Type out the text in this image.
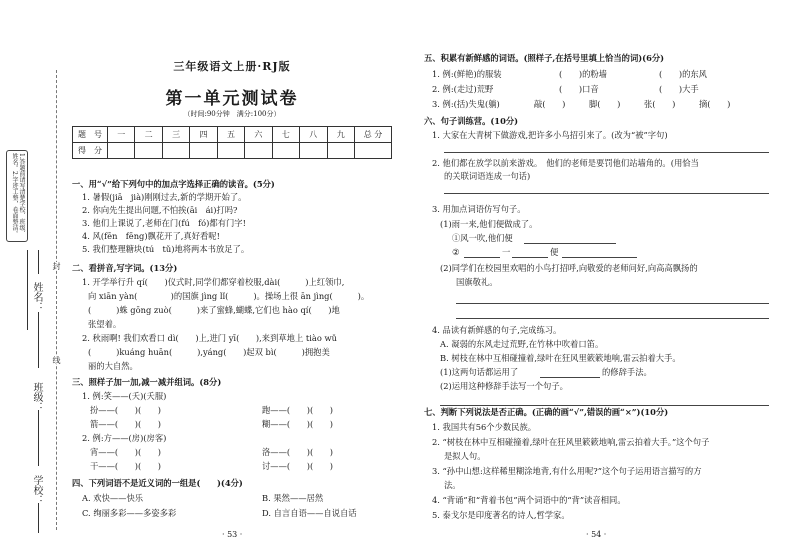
1.答题前请写清楚学校、班级、姓名。2.字迹工整，卷面整洁。
姓名：
班级：
学校：
封
线
三年级语文上册·RJ版
第一单元测试卷
（时间:90分钟　满分:100分）
题　号	一	二	三	四	五	六	七	八	九	总 分
得　分										
一、用“√”给下列句中的加点字选择正确的读音。(5分)
1. 暑假(jiā　jià)刚刚过去,新的学期开始了。
2. 你向先生提出问题,不怕挨(āi　ái)打吗?
3. 他们上课说了,老师在门(fú　fó)都有门字!
4. 风(fēn　fēng)飘花开了,真好看呢!
5. 我们整理糖块(tú　tǔ)地将两本书放足了。
二、看拼音,写字词。(13分)
1. 开学举行升 qí(　　)仪式时,同学们都穿着校服,dài(　　　)上红领巾,
向 xiān yàn(　　　　)的国旗 jìng lǐ(　　　)。操场上很 ān jìng(　　　)。
(　　　)蛛 gōng zuò(　　　)来了蜜蜂,蝴蝶,它们也 hào qí(　　)地
张望着。
2. 秋雨啊! 我们欢看口 dì(　　)上,进门 yī(　　),来到草地上 tiào wǔ
(　　　)kuáng huān(　　　),yáng(　　)起双 bì(　　　)拥抱美
丽的大自然。
三、照样子加一加,减一减并组词。(8分)
1. 例:笑——(夭)(夭服)
扮——(　　)(　　)	跑——(　　)(　　)
箭——(　　)(　　)	糊——(　　)(　　)
2. 例:方——(房)(房客)
宵——(　　)(　　)	洛——(　　)(　　)
干——(　　)(　　)	讨——(　　)(　　)
四、下列词语不是近义词的一组是(　　)(4分)
A. 欢快——快乐	B. 果然——居然
C. 绚丽多彩——多姿多彩	D. 自言自语——自说自话
· 53 ·
五、积累有新鲜感的词语。(照样子,在括号里填上恰当的词)(6分)
1. 例:(鲜艳)的服装	(　　)的粉墙	(　　)的东风
2. 例:(走过)荒野	(　　)口音	(　　)大手
3. 例:(括)失鬼(躺)	敲(　　)	脚(　　)	张(　　)	摘(　　)
六、句子训练营。(10分)
1. 大家在大青树下做游戏,把许多小鸟招引来了。(改为“被”字句)
2. 他们都在放学以前来游戏。　他们的老师是要罚他们站墙角的。(用恰当
的关联词语连成一句话)
3. 用加点词语仿写句子。
(1)雨一来,他们便做成了。
①风一吹,他们便
②	一	便
(2)同学们在校园里欢唱的小鸟打招呼,向敬爱的老师问好,向高高飘扬的
国旗敬礼。
4. 品读有新鲜感的句子,完成练习。
A. 凝弱的东风走过荒野,在竹林中吹着口笛。
B. 树枝在林中互相碰撞着,绿叶在狂风里簌簌地响,雷云拍着大手。
(1)这两句话都运用了	的修辞手法。
(2)运用这种修辞手法写一个句子。
七、判断下列说法是否正确。(正确的画“√”,错误的画“×”)(10分)
1. 我国共有56个少数民族。
2. “树枝在林中互相碰撞着,绿叶在狂风里簌簌地响,雷云拍着大手。”这个句子
是拟人句。
3. “孙中山想:这样稀里糊涂地背,有什么用呢?”这个句子运用语言描写的方
法。
4. “背诵”和“背着书包”两个词语中的“背”读音相同。
5. 泰戈尔是印度著名的诗人,哲学家。
· 54 ·
